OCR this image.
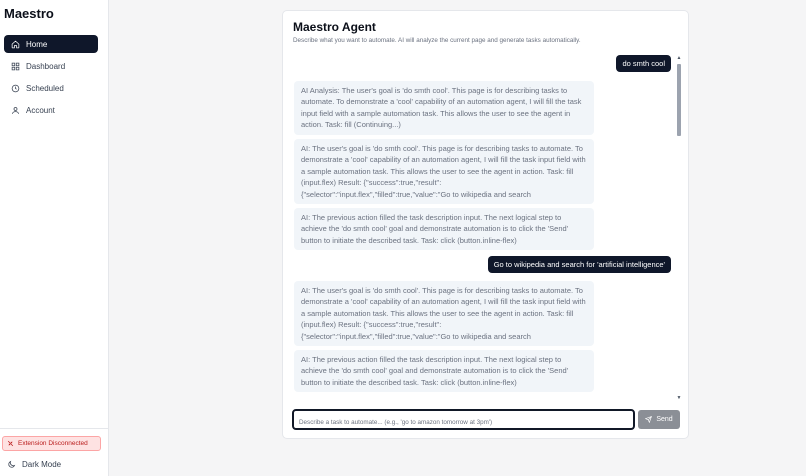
Maestro
Home
Dashboard
Scheduled
Account
Extension Disconnected
Dark Mode
Maestro Agent
Describe what you want to automate. AI will analyze the current page and generate tasks automatically.
do smth cool
AI Analysis: The user's goal is 'do smth cool'. This page is for describing tasks to automate. To demonstrate a 'cool' capability of an automation agent, I will fill the task input field with a sample automation task. This allows the user to see the agent in action. Task: fill (Continuing...)
AI: The user's goal is 'do smth cool'. This page is for describing tasks to automate. To demonstrate a 'cool' capability of an automation agent, I will fill the task input field with a sample automation task. This allows the user to see the agent in action. Task: fill (input.flex) Result: {"success":true,"result":
{"selector":"input.flex","filled":true,"value":"Go to wikipedia and search
AI: The previous action filled the task description input. The next logical step to achieve the 'do smth cool' goal and demonstrate automation is to click the 'Send' button to initiate the described task. Task: click (button.inline-flex)
Go to wikipedia and search for 'artificial intelligence'
AI: The user's goal is 'do smth cool'. This page is for describing tasks to automate. To demonstrate a 'cool' capability of an automation agent, I will fill the task input field with a sample automation task. This allows the user to see the agent in action. Task: fill (input.flex) Result: {"success":true,"result":
{"selector":"input.flex","filled":true,"value":"Go to wikipedia and search
AI: The previous action filled the task description input. The next logical step to achieve the 'do smth cool' goal and demonstrate automation is to click the 'Send' button to initiate the described task. Task: click (button.inline-flex)
▲
▼
Describe a task to automate... (e.g., 'go to amazon tomorrow at 3pm')
Send
